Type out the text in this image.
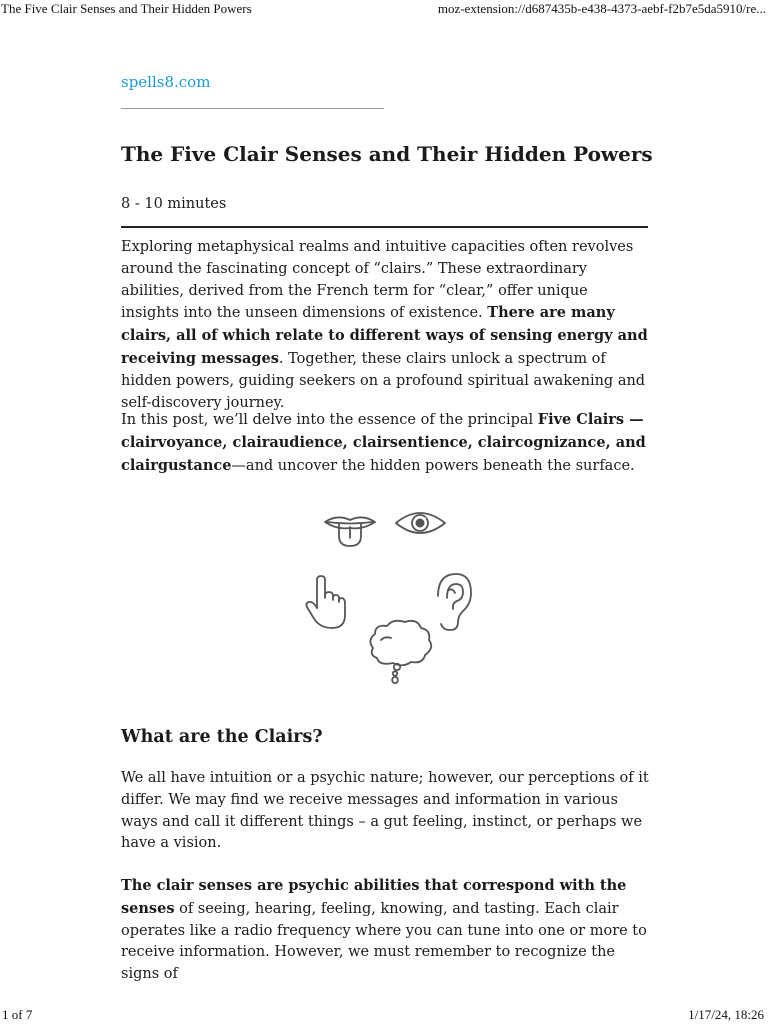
The Five Clair Senses and Their Hidden Powers	moz-extension://d687435b-e438-4373-aebf-f2b7e5da5910/re...
spells8.com
The Five Clair Senses and Their Hidden Powers
8 - 10 minutes

Exploring metaphysical realms and intuitive capacities often revolves around the fascinating concept of “clairs.” These extraordinary abilities, derived from the French term for “clear,” offer unique insights into the unseen dimensions of existence. There are many clairs, all of which relate to different ways of sensing energy and receiving messages. Together, these clairs unlock a spectrum of hidden powers, guiding seekers on a profound spiritual awakening and self-discovery journey.

In this post, we’ll delve into the essence of the principal Five Clairs —clairvoyance, clairaudience, clairsentience, claircognizance, and clairgustance—and uncover the hidden powers beneath the surface.

What are the Clairs?

We all have intuition or a psychic nature; however, our perceptions of it differ. We may find we receive messages and information in various ways and call it different things – a gut feeling, instinct, or perhaps we have a vision.

The clair senses are psychic abilities that correspond with the senses of seeing, hearing, feeling, knowing, and tasting. Each clair operates like a radio frequency where you can tune into one or more to receive information. However, we must remember to recognize the signs of

1 of 7	1/17/24, 18:26
